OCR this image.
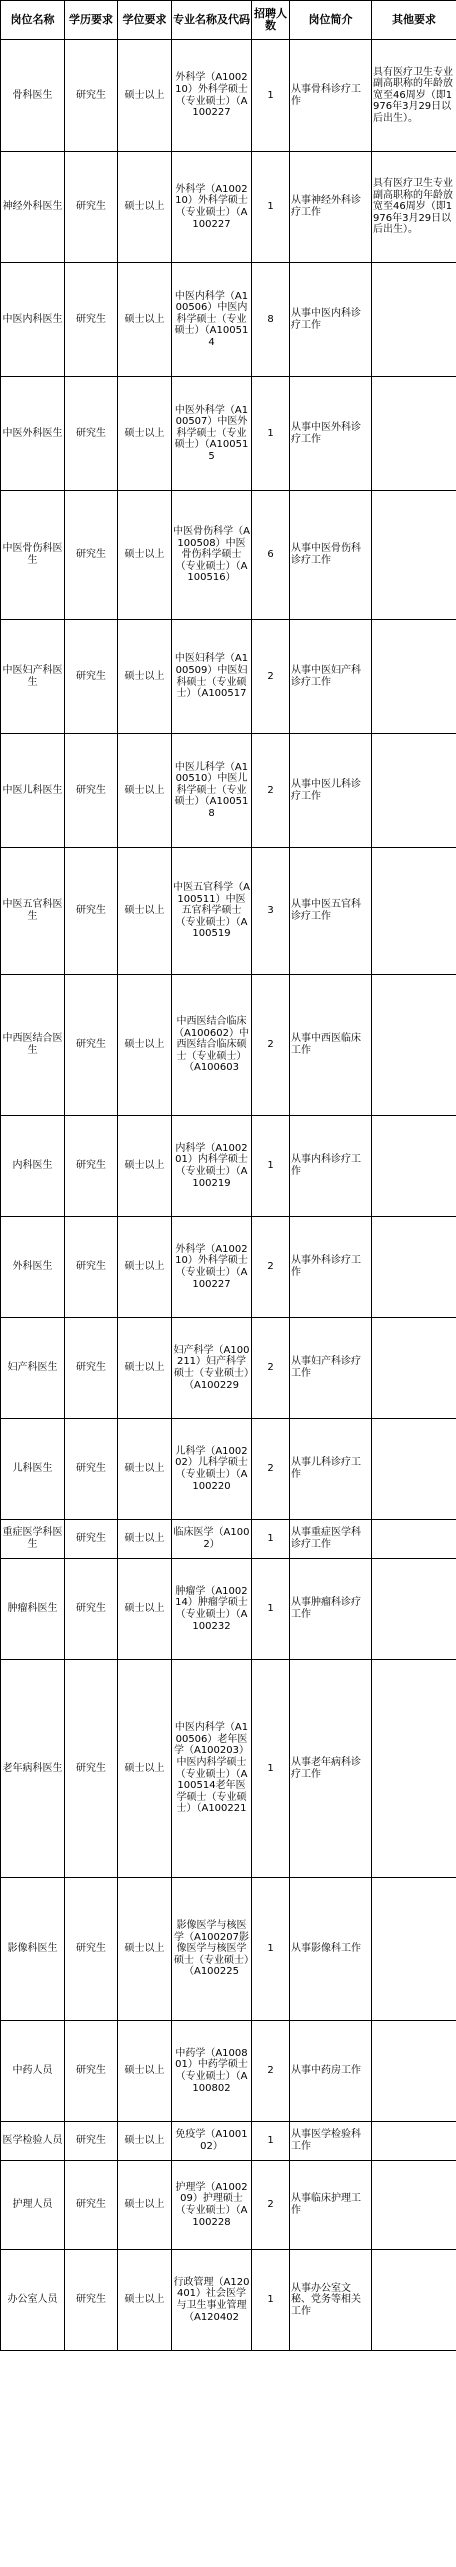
岗位名称	学历要求	学位要求	专业名称及代码	招聘人数	岗位简介	其他要求
骨科医生	研究生	硕士以上	外科学（A100210）外科学硕士（专业硕士）（A100227	1	从事骨科诊疗工作	具有医疗卫生专业副高职称的年龄放宽至46周岁（即1976年3月29日以后出生）。
神经外科医生	研究生	硕士以上	外科学（A100210）外科学硕士（专业硕士）（A100227	1	从事神经外科诊疗工作	具有医疗卫生专业副高职称的年龄放宽至46周岁（即1976年3月29日以后出生）。
中医内科医生	研究生	硕士以上	中医内科学（A100506）中医内科学硕士（专业硕士）（A100514	8	从事中医内科诊疗工作	
中医外科医生	研究生	硕士以上	中医外科学（A100507）中医外科学硕士（专业硕士）（A100515	1	从事中医外科诊疗工作	
中医骨伤科医生	研究生	硕士以上	中医骨伤科学（A100508）中医骨伤科学硕士（专业硕士）（A100516）	6	从事中医骨伤科诊疗工作	
中医妇产科医生	研究生	硕士以上	中医妇科学（A100509）中医妇科硕士（专业硕士）（A100517	2	从事中医妇产科诊疗工作	
中医儿科医生	研究生	硕士以上	中医儿科学（A100510）中医儿科学硕士（专业硕士）（A100518	2	从事中医儿科诊疗工作	
中医五官科医生	研究生	硕士以上	中医五官科学（A100511）中医五官科学硕士（专业硕士）（A100519	3	从事中医五官科诊疗工作	
中西医结合医生	研究生	硕士以上	中西医结合临床（A100602）中西医结合临床硕士（专业硕士）（A100603	2	从事中西医临床工作	
内科医生	研究生	硕士以上	内科学（A100201）内科学硕士（专业硕士）（A100219	1	从事内科诊疗工作	
外科医生	研究生	硕士以上	外科学（A100210）外科学硕士（专业硕士）（A100227	2	从事外科诊疗工作	
妇产科医生	研究生	硕士以上	妇产科学（A100211）妇产科学硕士（专业硕士）（A100229	2	从事妇产科诊疗工作	
儿科医生	研究生	硕士以上	儿科学（A100202）儿科学硕士（专业硕士）（A100220	2	从事儿科诊疗工作	
重症医学科医生	研究生	硕士以上	临床医学（A1002）	1	从事重症医学科诊疗工作	
肿瘤科医生	研究生	硕士以上	肿瘤学（A100214）肿瘤学硕士（专业硕士）（A100232	1	从事肿瘤科诊疗工作	
老年病科医生	研究生	硕士以上	中医内科学（A100506）老年医学（A100203）中医内科学硕士（专业硕士）（A100514老年医学硕士（专业硕士）（A100221	1	从事老年病科诊疗工作	
影像科医生	研究生	硕士以上	影像医学与核医学（A100207影像医学与核医学硕士（专业硕士）（A100225	1	从事影像科工作	
中药人员	研究生	硕士以上	中药学（A100801）中药学硕士（专业硕士）（A100802	2	从事中药房工作	
医学检验人员	研究生	硕士以上	免疫学（A100102）	1	从事医学检验科工作	
护理人员	研究生	硕士以上	护理学（A100209）护理硕士（专业硕士）（A100228	2	从事临床护理工作	
办公室人员	研究生	硕士以上	行政管理（A120401）社会医学与卫生事业管理（A120402	1	从事办公室文秘、党务等相关工作	
